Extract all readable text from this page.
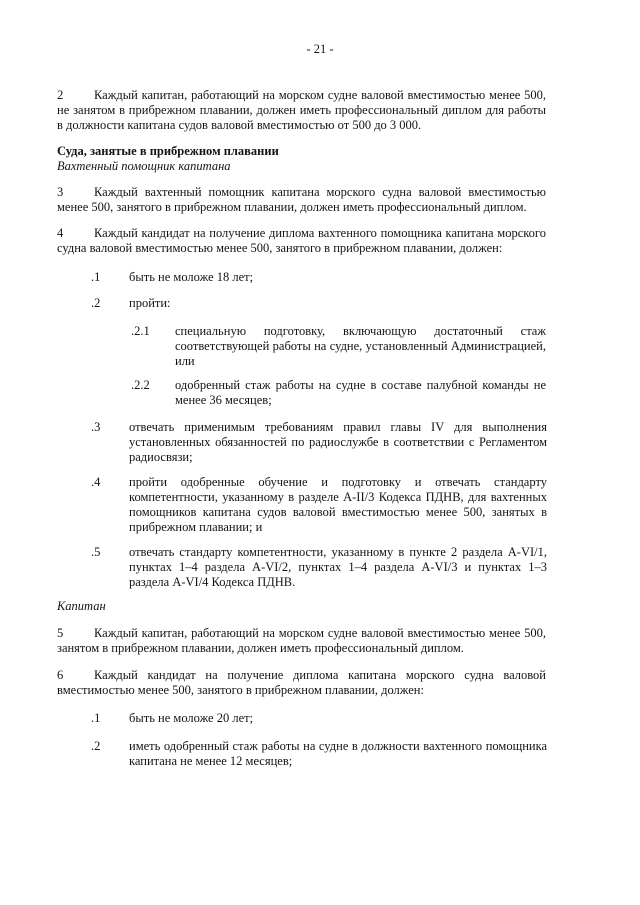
- 21 -
2 Каждый капитан, работающий на морском судне валовой вместимостью менее 500, не занятом в прибрежном плавании, должен иметь профессиональный диплом для работы в должности капитана судов валовой вместимостью от 500 до 3 000.
Суда, занятые в прибрежном плавании
Вахтенный помощник капитана
3 Каждый вахтенный помощник капитана морского судна валовой вместимостью менее 500, занятого в прибрежном плавании, должен иметь профессиональный диплом.
4 Каждый кандидат на получение диплома вахтенного помощника капитана морского судна валовой вместимостью менее 500, занятого в прибрежном плавании, должен:
.1 быть не моложе 18 лет;
.2 пройти:
.2.1 специальную подготовку, включающую достаточный стаж соответствующей работы на судне, установленный Администрацией, или
.2.2 одобренный стаж работы на судне в составе палубной команды не менее 36 месяцев;
.3 отвечать применимым требованиям правил главы IV для выполнения установленных обязанностей по радиослужбе в соответствии с Регламентом радиосвязи;
.4 пройти одобренные обучение и подготовку и отвечать стандарту компетентности, указанному в разделе A-II/3 Кодекса ПДНВ, для вахтенных помощников капитана судов валовой вместимостью менее 500, занятых в прибрежном плавании; и
.5 отвечать стандарту компетентности, указанному в пункте 2 раздела A-VI/1, пунктах 1–4 раздела A-VI/2, пунктах 1–4 раздела A-VI/3 и пунктах 1–3 раздела A-VI/4 Кодекса ПДНВ.
Капитан
5 Каждый капитан, работающий на морском судне валовой вместимостью менее 500, занятом в прибрежном плавании, должен иметь профессиональный диплом.
6 Каждый кандидат на получение диплома капитана морского судна валовой вместимостью менее 500, занятого в прибрежном плавании, должен:
.1 быть не моложе 20 лет;
.2 иметь одобренный стаж работы на судне в должности вахтенного помощника капитана не менее 12 месяцев;
